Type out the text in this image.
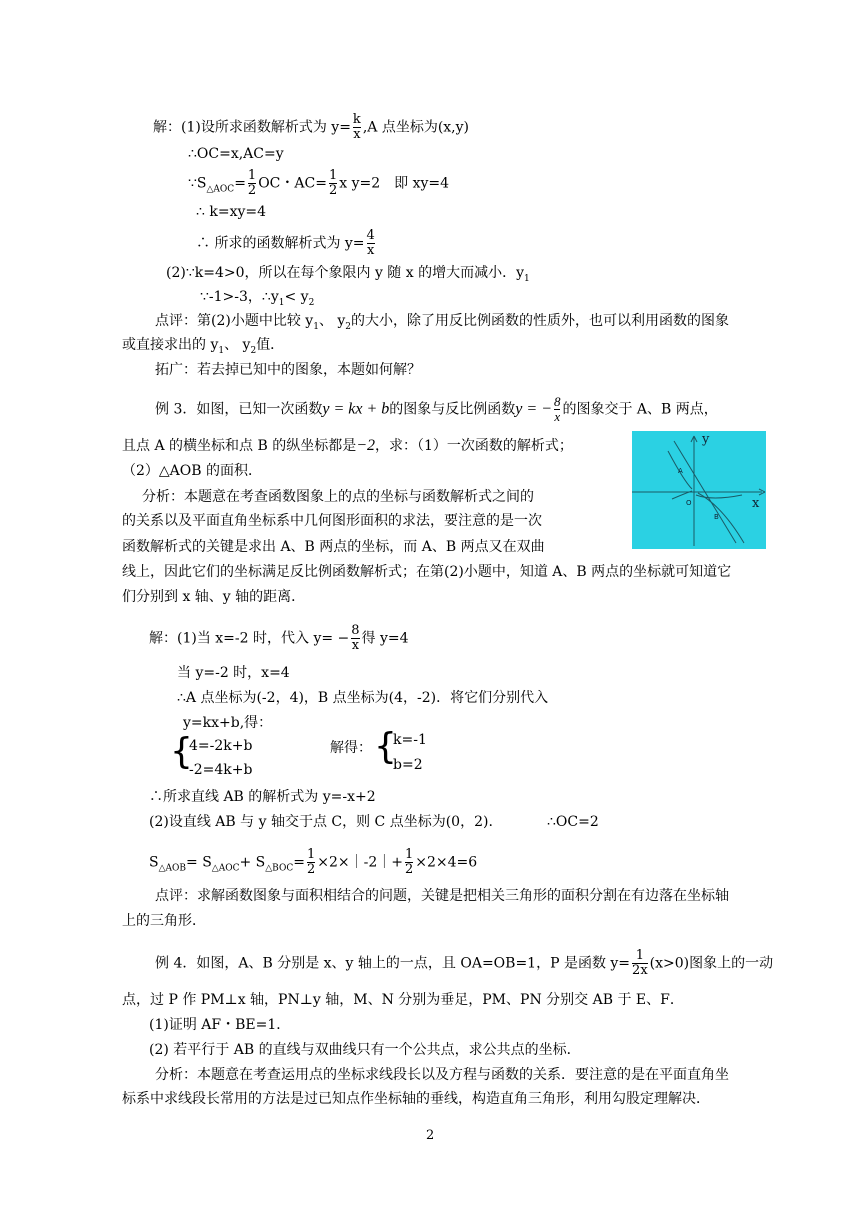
解：(1)设所求函数解析式为 $y= \frac{k}{x} ,A$ 点坐标为(x,y)
∴OC=x,AC=y
$\because S_{\triangle AOC}= \frac{1}{2}$ OC・$AC= \frac{1}{2}$ x y=2　即 xy=4
∴ k=xy=4
∴ 所求的函数解析式为 $y= \frac{4}{x}$
(2)∵k=4>0，所以在每个象限内 y 随 x 的增大而减小．$y_1$
∵-1>-3，$\therefore y_1< y_2$
点评：第(2)小题中比较 $y_1$、 $y_2$的大小，除了用反比例函数的性质外，也可以利用函数的图象
或直接求出的 $y_1$、 $y_2$值．
拓广：若去掉已知中的图象，本题如何解？
例 3．如图，已知一次函数y = kx + b的图象与反比例函数y = − $\frac{8}{x}$ 的图象交于 A、B 两点，
且点 A 的横坐标和点 B 的纵坐标都是−2，求：（1）一次函数的解析式；
（2）△AOB 的面积．
分析：本题意在考查函数图象上的点的坐标与函数解析式之间的
的关系以及平面直角坐标系中几何图形面积的求法，要注意的是一次
函数解析式的关键是求出 A、B 两点的坐标，而 A、B 两点又在双曲
线上，因此它们的坐标满足反比例函数解析式；在第(2)小题中，知道 A、B 两点的坐标就可知道它
们分别到 x 轴、y 轴的距离．
y
x
O
A
B
解：(1)当 x=-2 时，代入 $y= - \frac{8}{x}$ 得 y=4
当 y=-2 时，x=4
∴A 点坐标为(-2，4)，B 点坐标为(4，-2)．将它们分别代入
y=kx+b,得：
{
4=-2k+b
-2=4k+b
解得： {
k=-1
b=2
∴所求直线 AB 的解析式为 y=-x+2
(2)设直线 AB 与 y 轴交于点 C，则 C 点坐标为(0，2).	∴OC=2
$S_{\triangle AOB}= S_{\triangle AOC}+ S_{\triangle BOC}= \frac{1}{2}$ ×2×｜-2｜+ $\frac{1}{2} \times 2\times 4=6$
点评：求解函数图象与面积相结合的问题，关键是把相关三角形的面积分割在有边落在坐标轴
上的三角形．
例 4．如图，A、B 分别是 x、y 轴上的一点，且 OA=OB=1，P 是函数 $y= \frac{1}{2x} (x>0)$图象上的一动
点，过 P 作 PM⊥x 轴，PN⊥y 轴，M、N 分别为垂足，PM、PN 分别交 AB 于 E、F．
(1)证明 AF・BE=1．
(2) 若平行于 AB 的直线与双曲线只有一个公共点，求公共点的坐标．
分析：本题意在考查运用点的坐标求线段长以及方程与函数的关系．要注意的是在平面直角坐
标系中求线段长常用的方法是过已知点作坐标轴的垂线，构造直角三角形，利用勾股定理解决．
2
